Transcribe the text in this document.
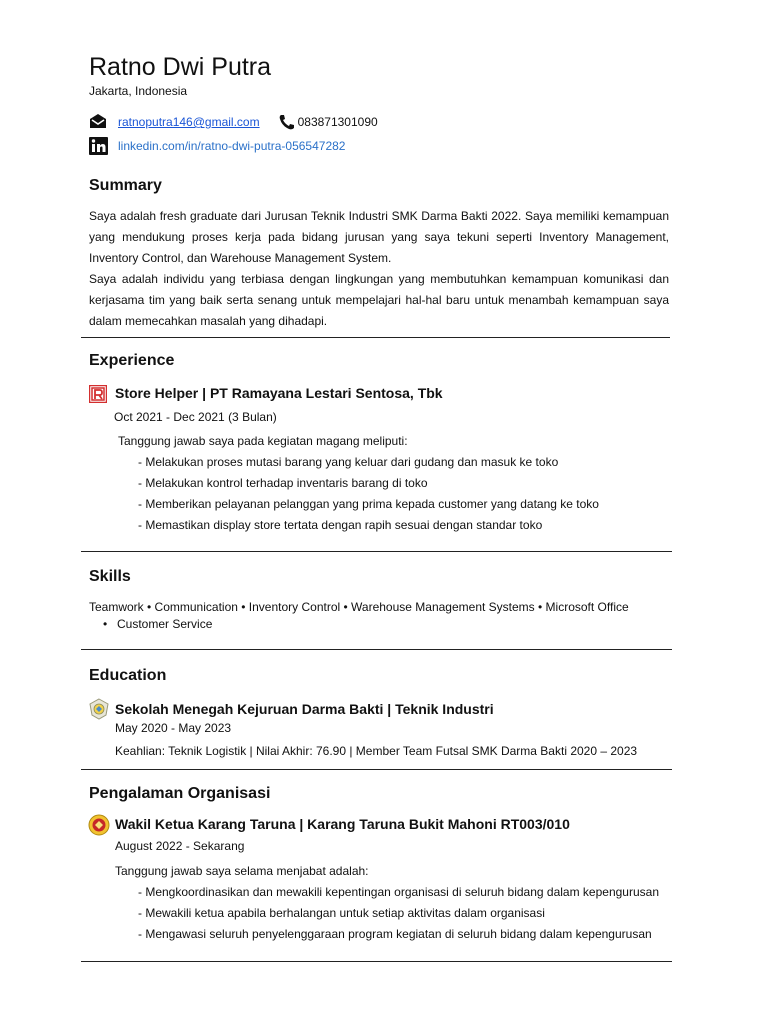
Ratno Dwi Putra
Jakarta, Indonesia
ratnoputra146@gmail.com	083871301090
linkedin.com/in/ratno-dwi-putra-056547282
Summary
Saya adalah fresh graduate dari Jurusan Teknik Industri SMK Darma Bakti 2022. Saya memiliki kemampuan yang mendukung proses kerja pada bidang jurusan yang saya tekuni seperti Inventory Management, Inventory Control, dan Warehouse Management System.
Saya adalah individu yang terbiasa dengan lingkungan yang membutuhkan kemampuan komunikasi dan kerjasama tim yang baik serta senang untuk mempelajari hal-hal baru untuk menambah kemampuan saya dalam memecahkan masalah yang dihadapi.
Experience
Store Helper | PT Ramayana Lestari Sentosa, Tbk
Oct 2021 - Dec 2021 (3 Bulan)
Tanggung jawab saya pada kegiatan magang meliputi:
- Melakukan proses mutasi barang yang keluar dari gudang dan masuk ke toko
- Melakukan kontrol terhadap inventaris barang di toko
- Memberikan pelayanan pelanggan yang prima kepada customer yang datang ke toko
- Memastikan display store tertata dengan rapih sesuai dengan standar toko
Skills
Teamwork • Communication • Inventory Control • Warehouse Management Systems • Microsoft Office
• Customer Service
Education
Sekolah Menegah Kejuruan Darma Bakti | Teknik Industri
May 2020 - May 2023
Keahlian: Teknik Logistik | Nilai Akhir: 76.90 | Member Team Futsal SMK Darma Bakti 2020 – 2023
Pengalaman Organisasi
Wakil Ketua Karang Taruna | Karang Taruna Bukit Mahoni RT003/010
August 2022 - Sekarang
Tanggung jawab saya selama menjabat adalah:
- Mengkoordinasikan dan mewakili kepentingan organisasi di seluruh bidang dalam kepengurusan
- Mewakili ketua apabila berhalangan untuk setiap aktivitas dalam organisasi
- Mengawasi seluruh penyelenggaraan program kegiatan di seluruh bidang dalam kepengurusan
